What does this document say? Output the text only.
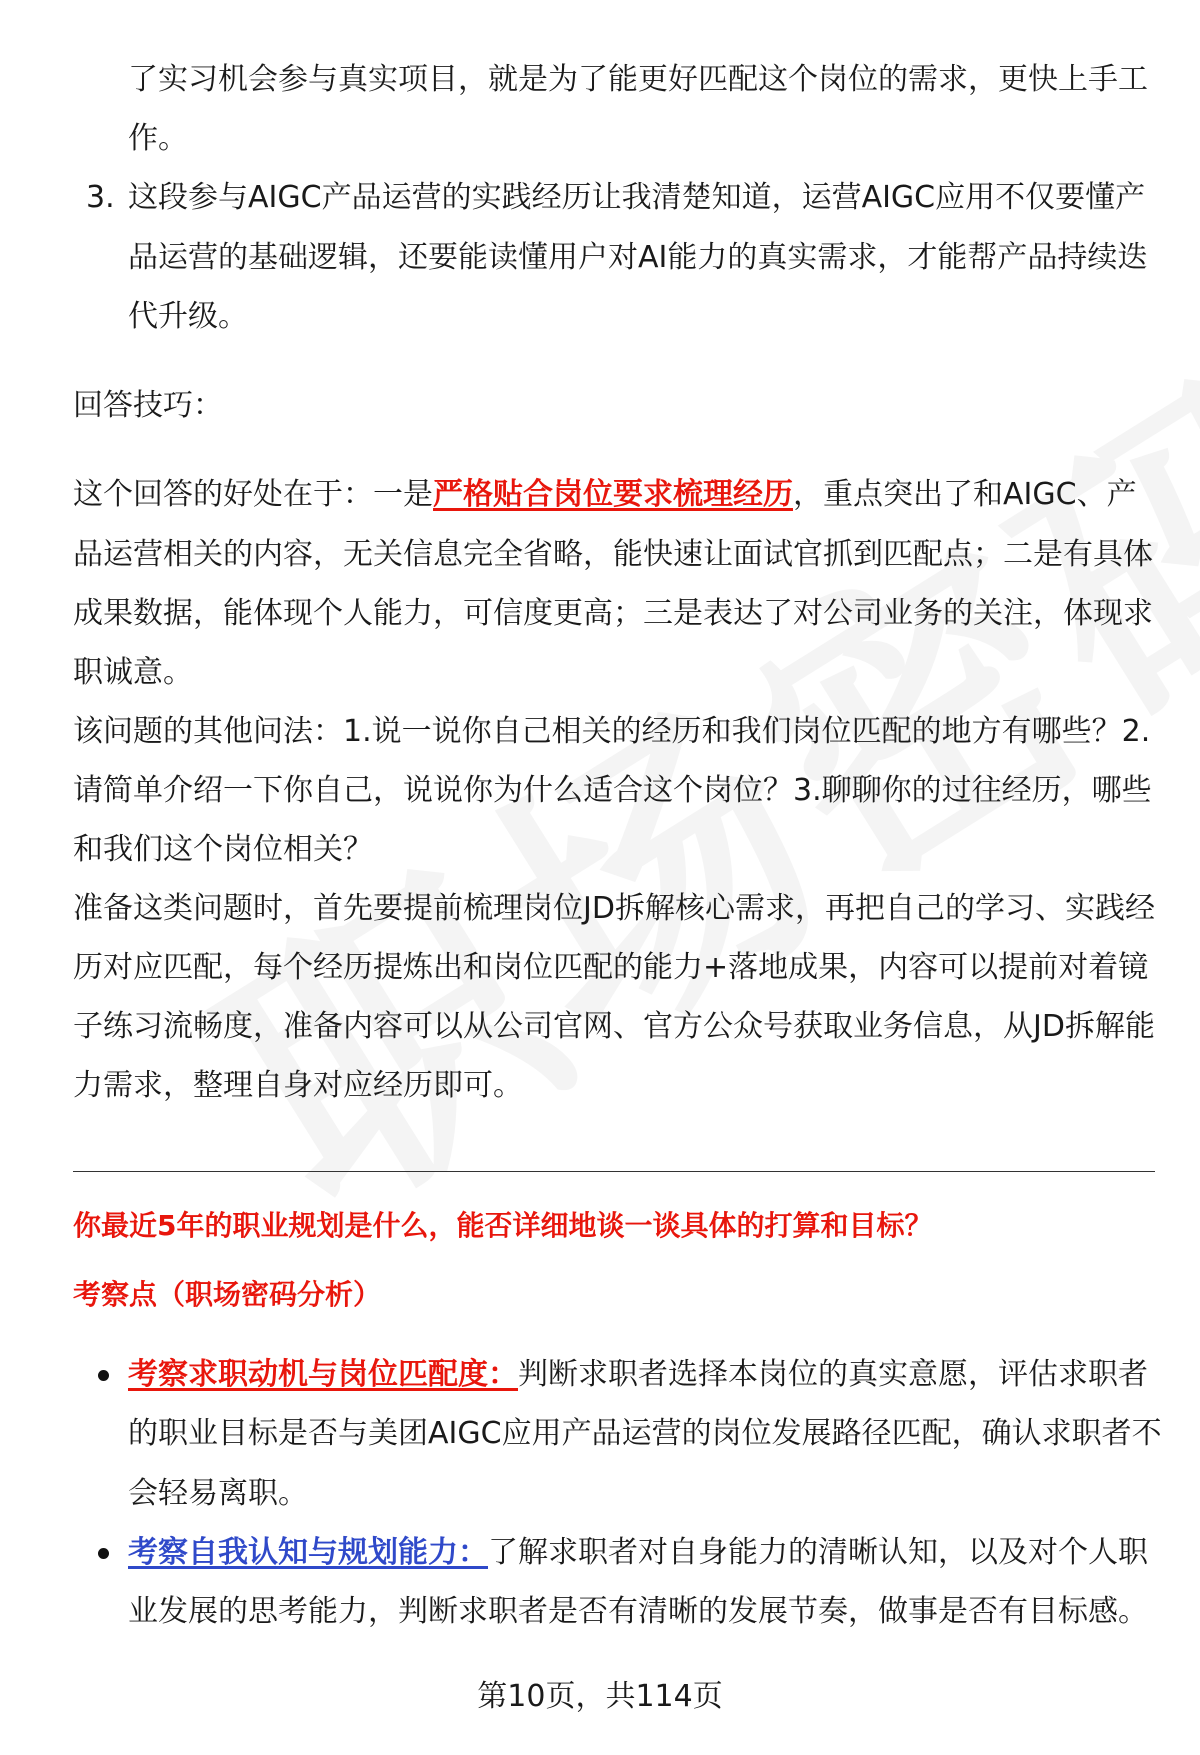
了实习机会参与真实项目，就是为了能更好匹配这个岗位的需求，更快上手工
作。
3. 这段参与AIGC产品运营的实践经历让我清楚知道，运营AIGC应用不仅要懂产
品运营的基础逻辑，还要能读懂用户对AI能力的真实需求，才能帮产品持续迭
代升级。
回答技巧：
这个回答的好处在于：一是严格贴合岗位要求梳理经历，重点突出了和AIGC、产
品运营相关的内容，无关信息完全省略，能快速让面试官抓到匹配点；二是有具体
成果数据，能体现个人能力，可信度更高；三是表达了对公司业务的关注，体现求
职诚意。
该问题的其他问法：1.说一说你自己相关的经历和我们岗位匹配的地方有哪些？2.
请简单介绍一下你自己，说说你为什么适合这个岗位？3.聊聊你的过往经历，哪些
和我们这个岗位相关？
准备这类问题时，首先要提前梳理岗位JD拆解核心需求，再把自己的学习、实践经
历对应匹配，每个经历提炼出和岗位匹配的能力+落地成果，内容可以提前对着镜
子练习流畅度，准备内容可以从公司官网、官方公众号获取业务信息，从JD拆解能
力需求，整理自身对应经历即可。
你最近5年的职业规划是什么，能否详细地谈一谈具体的打算和目标？
考察点（职场密码分析）
考察求职动机与岗位匹配度：判断求职者选择本岗位的真实意愿，评估求职者
的职业目标是否与美团AIGC应用产品运营的岗位发展路径匹配，确认求职者不
会轻易离职。
考察自我认知与规划能力：了解求职者对自身能力的清晰认知，以及对个人职
业发展的思考能力，判断求职者是否有清晰的发展节奏，做事是否有目标感。
第10页，共114页
